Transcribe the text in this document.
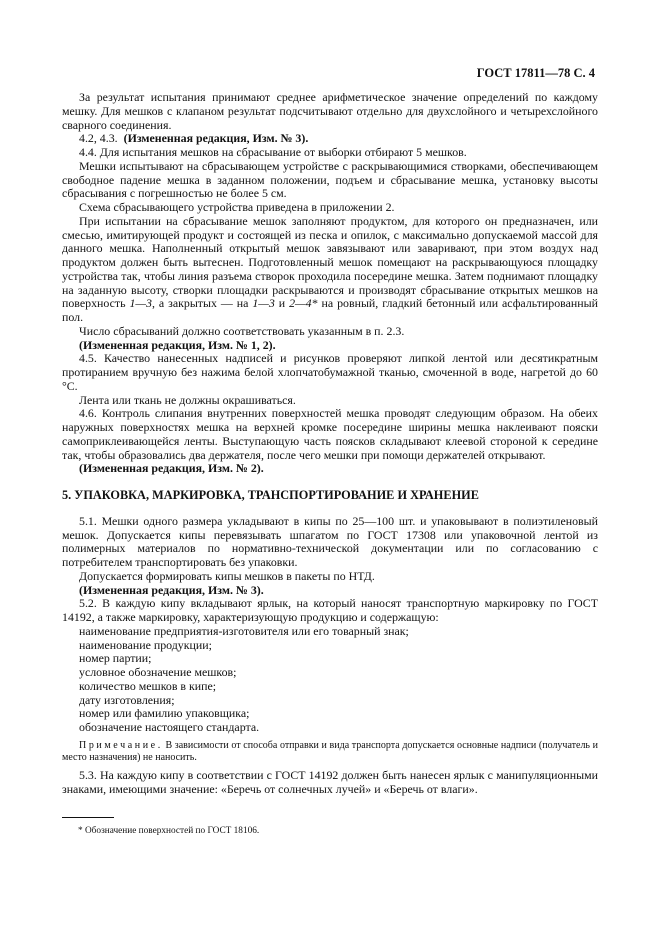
ГОСТ 17811—78 С. 4

За результат испытания принимают среднее арифметическое значение определений по каждому мешку. Для мешков с клапаном результат подсчитывают отдельно для двухслойного и четырехслойного сварного соединения.

4.2, 4.3. (Измененная редакция, Изм. № 3).

4.4. Для испытания мешков на сбрасывание от выборки отбирают 5 мешков.

Мешки испытывают на сбрасывающем устройстве с раскрывающимися створками, обеспечивающем свободное падение мешка в заданном положении, подъем и сбрасывание мешка, установку высоты сбрасывания с погрешностью не более 5 см.

Схема сбрасывающего устройства приведена в приложении 2.

При испытании на сбрасывание мешок заполняют продуктом, для которого он предназначен, или смесью, имитирующей продукт и состоящей из песка и опилок, с максимально допускаемой массой для данного мешка. Наполненный открытый мешок завязывают или заваривают, при этом воздух над продуктом должен быть вытеснен. Подготовленный мешок помещают на раскрывающуюся площадку устройства так, чтобы линия разъема створок проходила посередине мешка. Затем поднимают площадку на заданную высоту, створки площадки раскрываются и производят сбрасывание открытых мешков на поверхность 1—3, а закрытых — на 1—3 и 2—4* на ровный, гладкий бетонный или асфальтированный пол.

Число сбрасываний должно соответствовать указанным в п. 2.3.

(Измененная редакция, Изм. № 1, 2).

4.5. Качество нанесенных надписей и рисунков проверяют липкой лентой или десятикратным протиранием вручную без нажима белой хлопчатобумажной тканью, смоченной в воде, нагретой до 60 °С.

Лента или ткань не должны окрашиваться.

4.6. Контроль слипания внутренних поверхностей мешка проводят следующим образом. На обеих наружных поверхностях мешка на верхней кромке посередине ширины мешка наклеивают пояски самоприклеивающейся ленты. Выступающую часть поясков складывают клеевой стороной к середине так, чтобы образовались два держателя, после чего мешки при помощи держателей открывают.

(Измененная редакция, Изм. № 2).

5. УПАКОВКА, МАРКИРОВКА, ТРАНСПОРТИРОВАНИЕ И ХРАНЕНИЕ

5.1. Мешки одного размера укладывают в кипы по 25—100 шт. и упаковывают в полиэтиленовый мешок. Допускается кипы перевязывать шпагатом по ГОСТ 17308 или упаковочной лентой из полимерных материалов по нормативно-технической документации или по согласованию с потребителем транспортировать без упаковки.

Допускается формировать кипы мешков в пакеты по НТД.

(Измененная редакция, Изм. № 3).

5.2. В каждую кипу вкладывают ярлык, на который наносят транспортную маркировку по ГОСТ 14192, а также маркировку, характеризующую продукцию и содержащую:

наименование предприятия-изготовителя или его товарный знак;

наименование продукции;

номер партии;

условное обозначение мешков;

количество мешков в кипе;

дату изготовления;

номер или фамилию упаковщика;

обозначение настоящего стандарта.

Примечание. В зависимости от способа отправки и вида транспорта допускается основные надписи (получатель и место назначения) не наносить.

5.3. На каждую кипу в соответствии с ГОСТ 14192 должен быть нанесен ярлык с манипуляционными знаками, имеющими значение: «Беречь от солнечных лучей» и «Беречь от влаги».

* Обозначение поверхностей по ГОСТ 18106.
